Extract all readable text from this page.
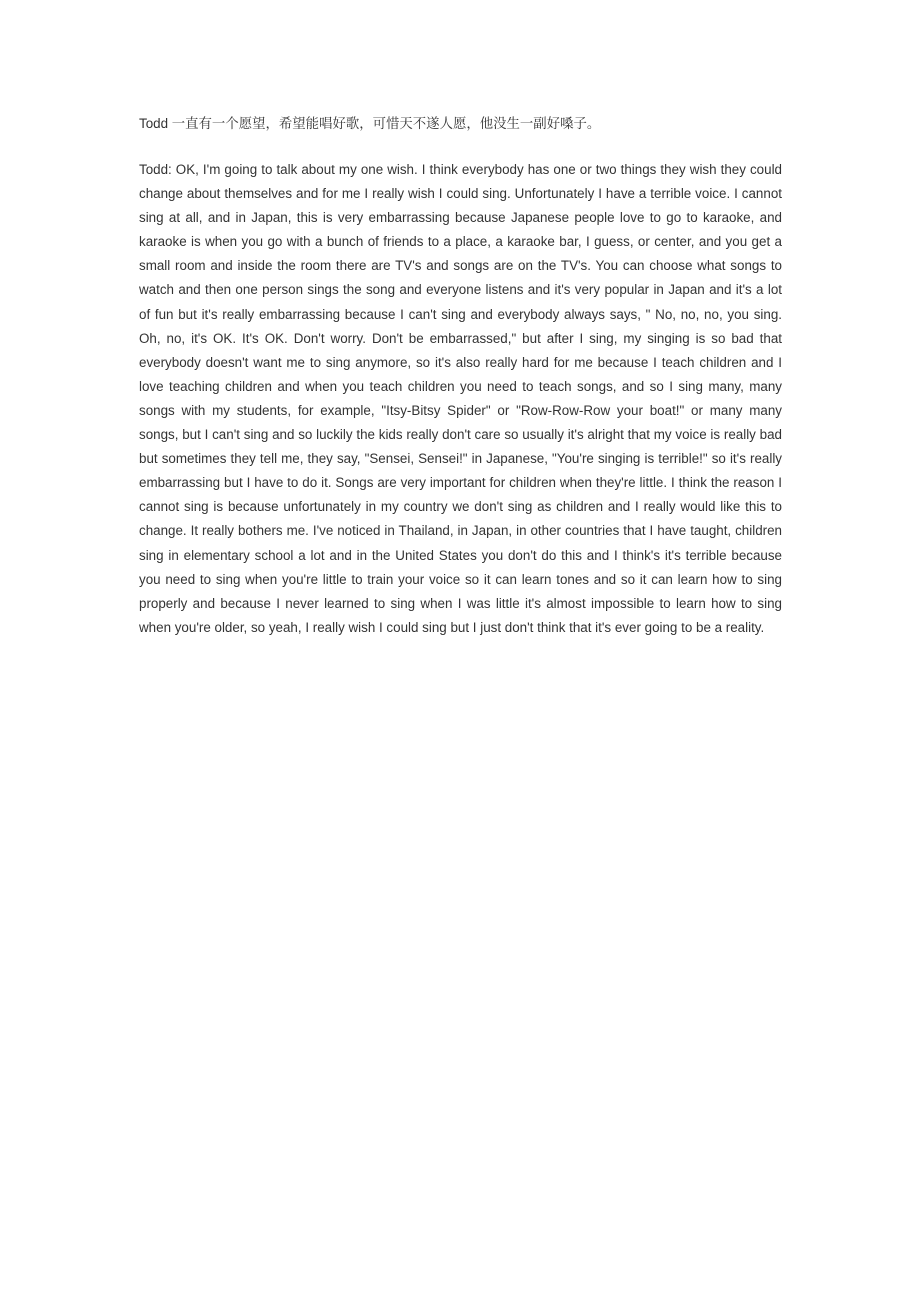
Todd 一直有一个愿望，希望能唱好歌，可惜天不遂人愿，他没生一副好嗓子。

Todd: OK, I'm going to talk about my one wish. I think everybody has one or two things they wish they could change about themselves and for me I really wish I could sing. Unfortunately I have a terrible voice. I cannot sing at all, and in Japan, this is very embarrassing because Japanese people love to go to karaoke, and karaoke is when you go with a bunch of friends to a place, a karaoke bar, I guess, or center, and you get a small room and inside the room there are TV's and songs are on the TV's. You can choose what songs to watch and then one person sings the song and everyone listens and it's very popular in Japan and it's a lot of fun but it's really embarrassing because I can't sing and everybody always says, " No, no, no, you sing. Oh, no, it's OK. It's OK. Don't worry. Don't be embarrassed," but after I sing, my singing is so bad that everybody doesn't want me to sing anymore, so it's also really hard for me because I teach children and I love teaching children and when you teach children you need to teach songs, and so I sing many, many songs with my students, for example, "Itsy-Bitsy Spider" or "Row-Row-Row your boat!" or many many songs, but I can't sing and so luckily the kids really don't care so usually it's alright that my voice is really bad but sometimes they tell me, they say, "Sensei, Sensei!" in Japanese, "You're singing is terrible!" so it's really embarrassing but I have to do it. Songs are very important for children when they're little. I think the reason I cannot sing is because unfortunately in my country we don't sing as children and I really would like this to change. It really bothers me. I've noticed in Thailand, in Japan, in other countries that I have taught, children sing in elementary school a lot and in the United States you don't do this and I think's it's terrible because you need to sing when you're little to train your voice so it can learn tones and so it can learn how to sing properly and because I never learned to sing when I was little it's almost impossible to learn how to sing when you're older, so yeah, I really wish I could sing but I just don't think that it's ever going to be a reality.
